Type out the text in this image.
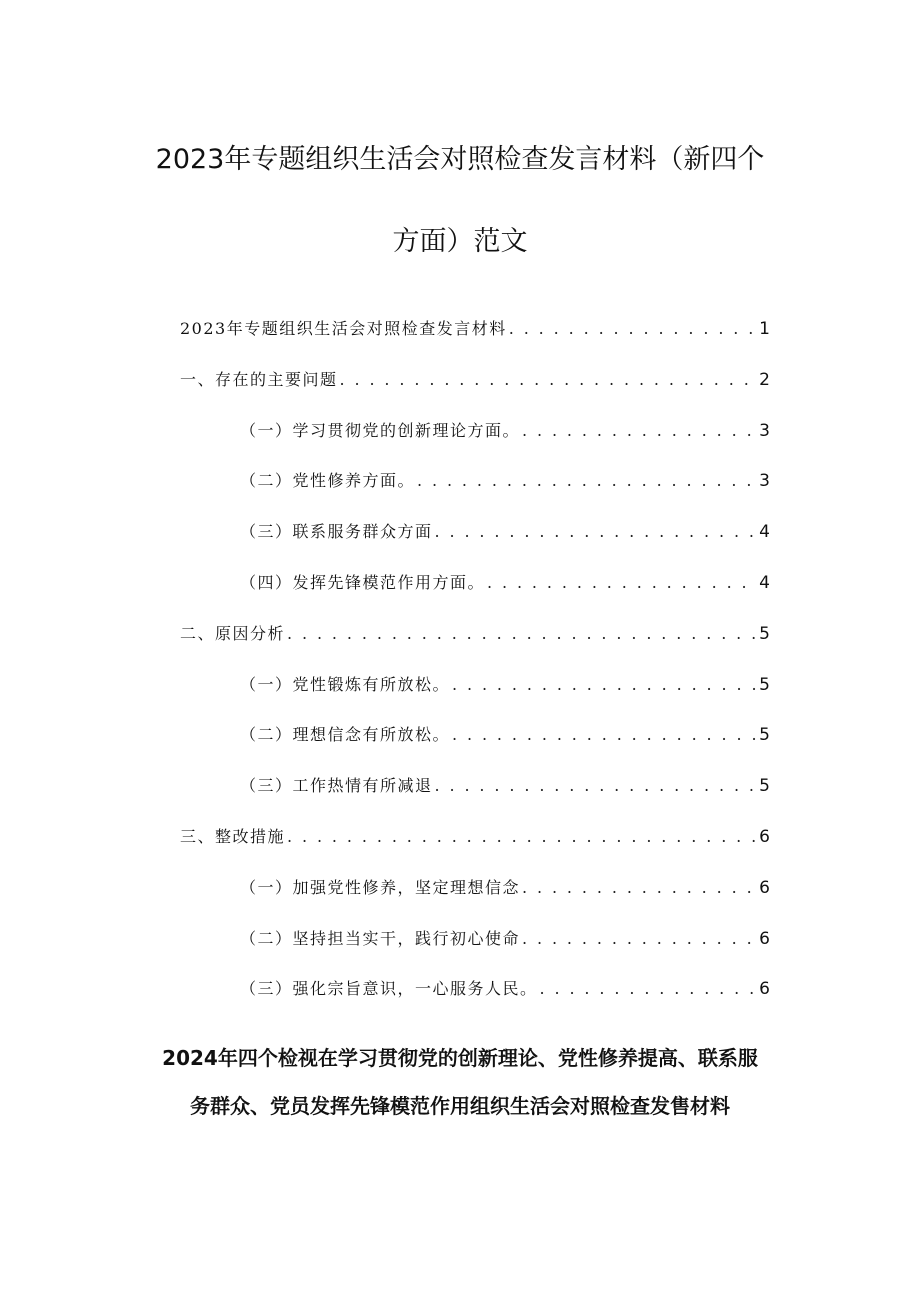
2023年专题组织生活会对照检查发言材料（新四个
方面）范文
2023年专题组织生活会对照检查发言材料 . . .	1
一、存在的主要问题 . . .	2
（一）学习贯彻党的创新理论方面。 . . .	3
（二）党性修养方面。 . . .	3
（三）联系服务群众方面 . . .	4
（四）发挥先锋模范作用方面。 . . .	4
二、原因分析 . . .	5
（一）党性锻炼有所放松。 . . .	5
（二）理想信念有所放松。 . . .	5
（三）工作热情有所减退 . . .	5
三、整改措施 . . .	6
（一）加强党性修养，坚定理想信念 . . .	6
（二）坚持担当实干，践行初心使命 . . .	6
（三）强化宗旨意识，一心服务人民。 . . .	6
2024年四个检视在学习贯彻党的创新理论、党性修养提高、联系服
务群众、党员发挥先锋模范作用组织生活会对照检查发售材料
